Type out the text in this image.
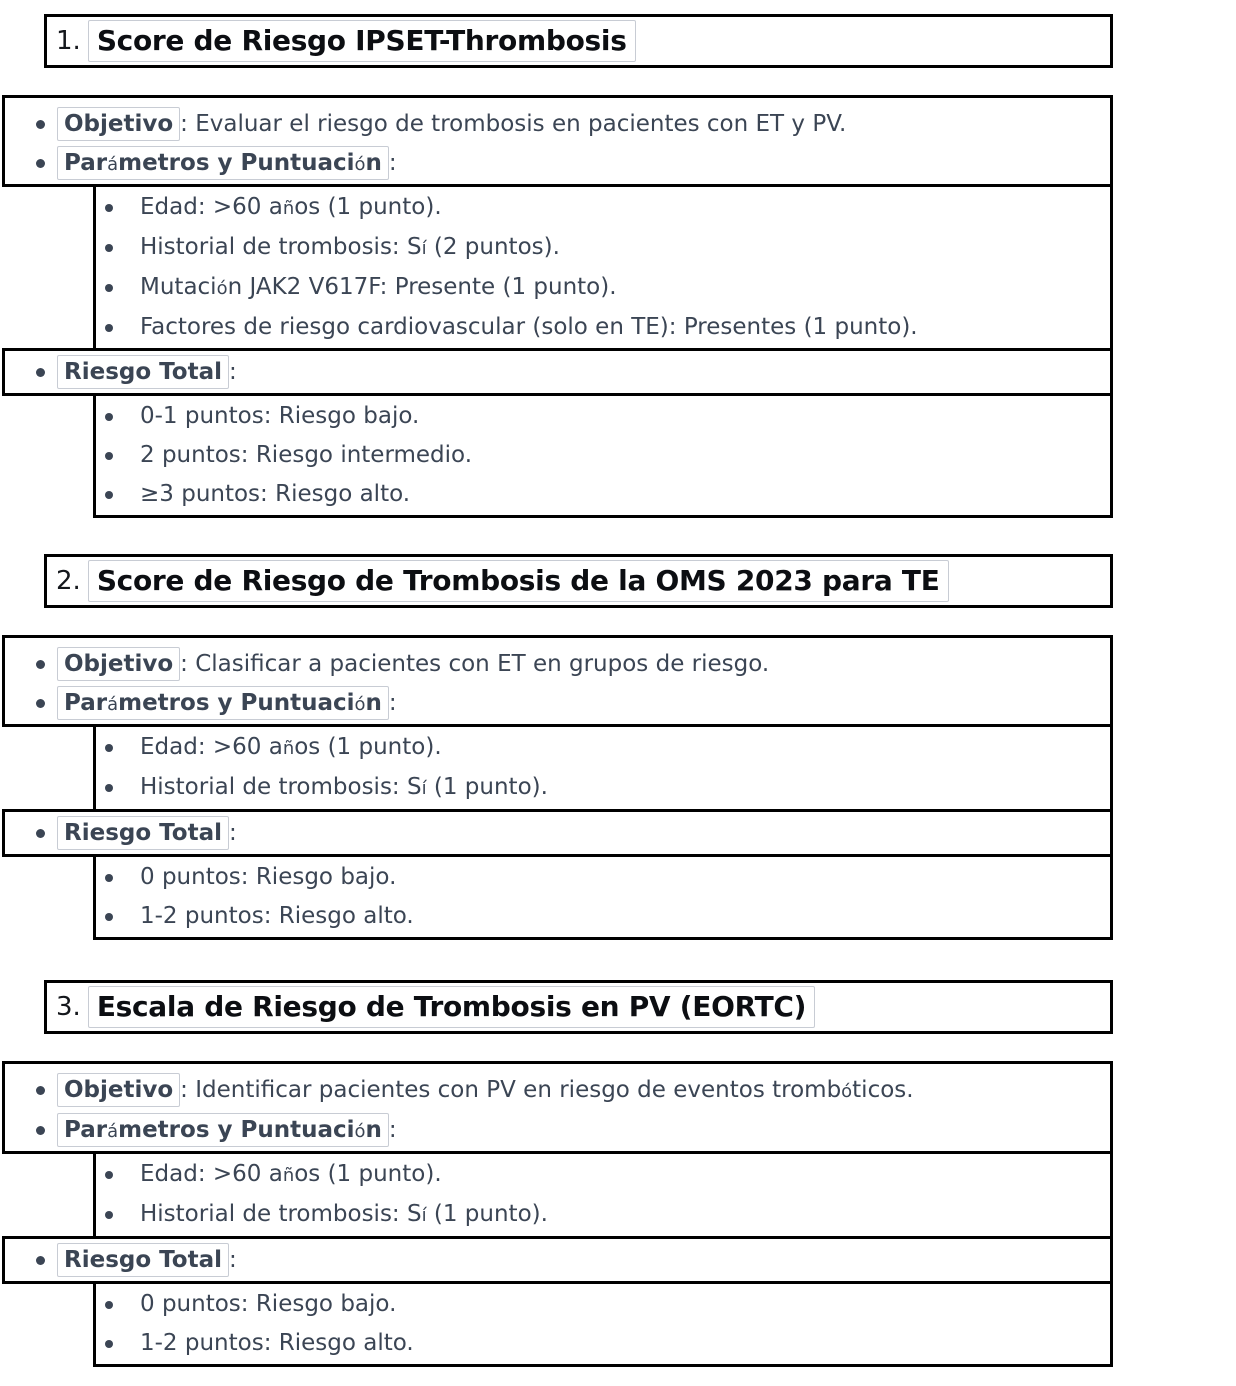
1. Score de Riesgo IPSET-Thrombosis
Objetivo : Evaluar el riesgo de trombosis en pacientes con ET y PV.
Parámetros y Puntuación :
Edad: >60 años (1 punto).
Historial de trombosis: Sí (2 puntos).
Mutación JAK2 V617F: Presente (1 punto).
Factores de riesgo cardiovascular (solo en TE): Presentes (1 punto).
Riesgo Total :
0-1 puntos: Riesgo bajo.
2 puntos: Riesgo intermedio.
≥3 puntos: Riesgo alto.
2. Score de Riesgo de Trombosis de la OMS 2023 para TE
Objetivo : Clasificar a pacientes con ET en grupos de riesgo.
Parámetros y Puntuación :
Edad: >60 años (1 punto).
Historial de trombosis: Sí (1 punto).
Riesgo Total :
0 puntos: Riesgo bajo.
1-2 puntos: Riesgo alto.
3. Escala de Riesgo de Trombosis en PV (EORTC)
Objetivo : Identificar pacientes con PV en riesgo de eventos trombóticos.
Parámetros y Puntuación :
Edad: >60 años (1 punto).
Historial de trombosis: Sí (1 punto).
Riesgo Total :
0 puntos: Riesgo bajo.
1-2 puntos: Riesgo alto.
